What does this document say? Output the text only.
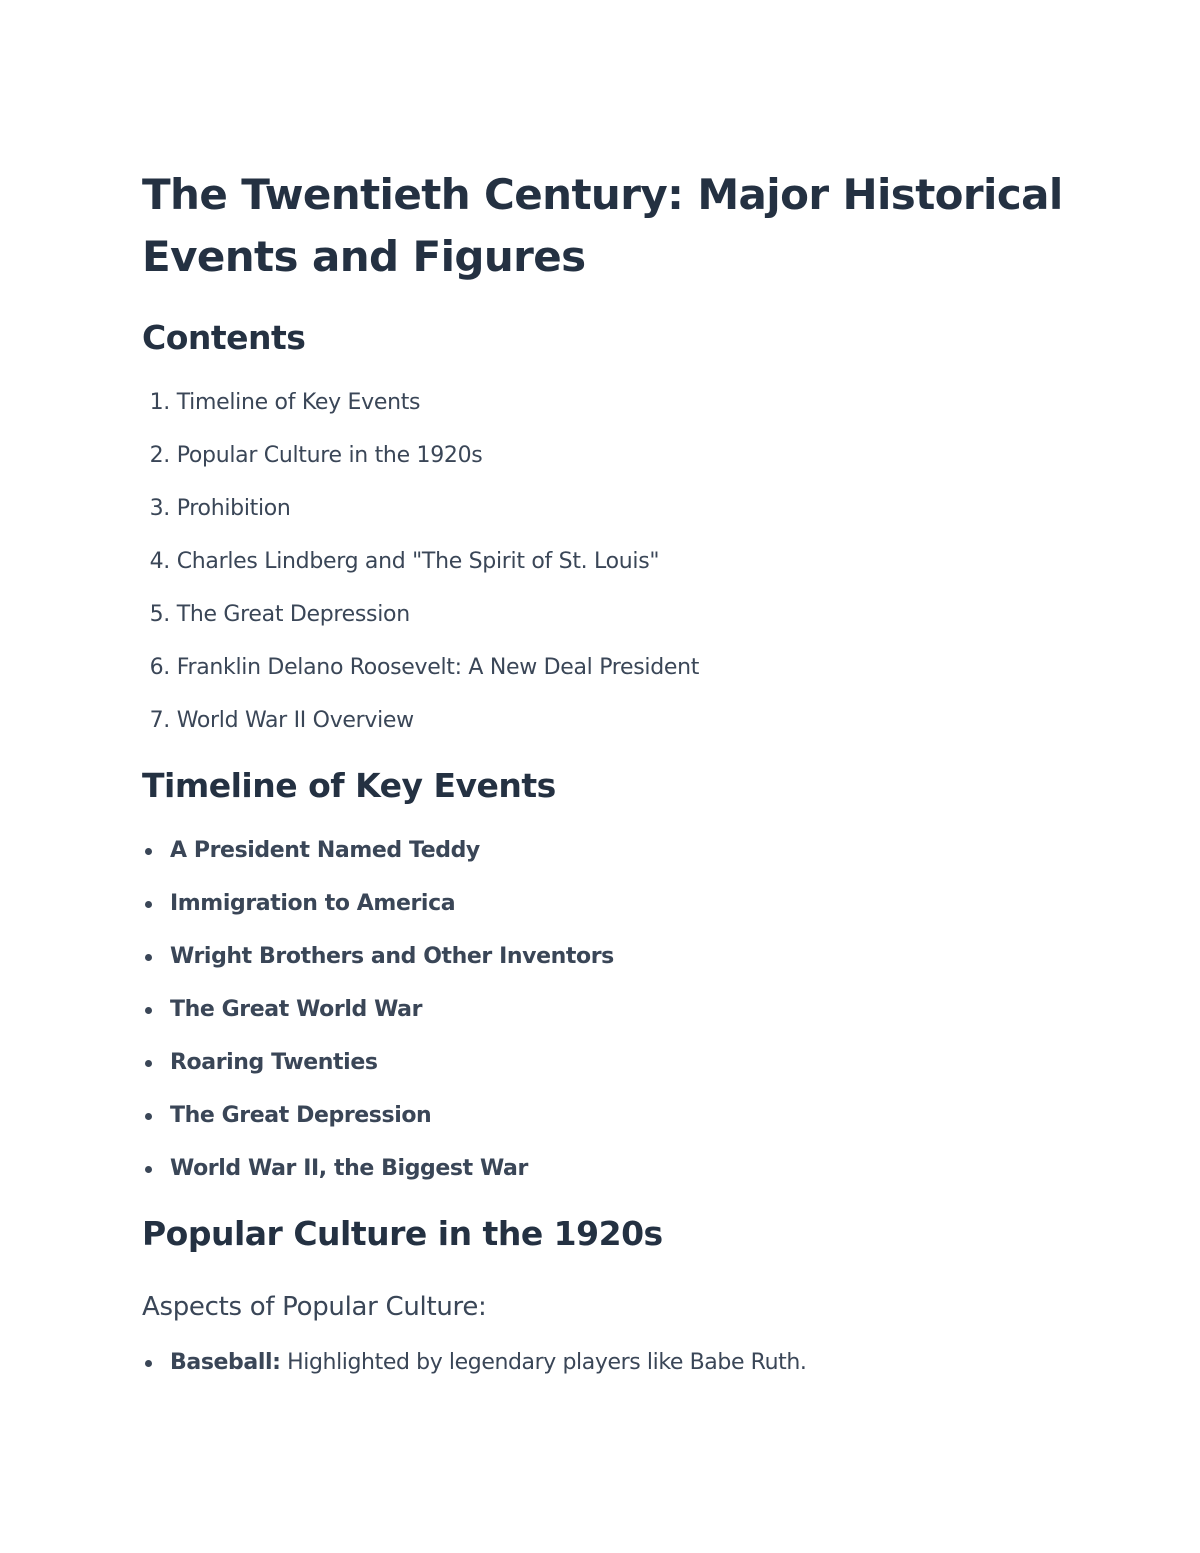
The Twentieth Century: Major Historical Events and Figures
Contents
1. Timeline of Key Events
2. Popular Culture in the 1920s
3. Prohibition
4. Charles Lindberg and "The Spirit of St. Louis"
5. The Great Depression
6. Franklin Delano Roosevelt: A New Deal President
7. World War II Overview
Timeline of Key Events
A President Named Teddy
Immigration to America
Wright Brothers and Other Inventors
The Great World War
Roaring Twenties
The Great Depression
World War II, the Biggest War
Popular Culture in the 1920s
Aspects of Popular Culture:
Baseball: Highlighted by legendary players like Babe Ruth.
